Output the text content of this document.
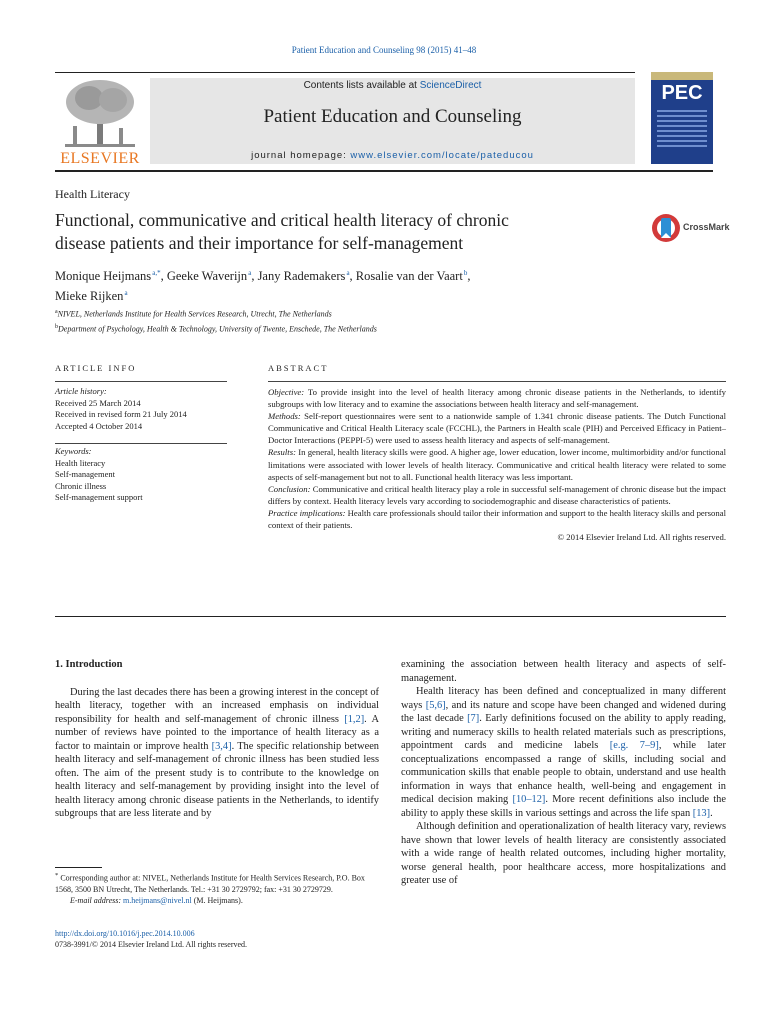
Patient Education and Counseling 98 (2015) 41–48
ELSEVIER
Contents lists available at ScienceDirect
Patient Education and Counseling
journal homepage: www.elsevier.com/locate/pateducou
PEC
Health Literacy
Functional, communicative and critical health literacy of chronic
disease patients and their importance for self-management
CrossMark
Monique Heijmans $^{a,*}$, Geeke Waverijn $^a$, Jany Rademakers $^a$, Rosalie van der Vaart $^b$,
Mieke Rijken $^a$
$^a$NIVEL, Netherlands Institute for Health Services Research, Utrecht, The Netherlands
$^b$Department of Psychology, Health & Technology, University of Twente, Enschede, The Netherlands
ARTICLE INFO	ABSTRACT
Article history:
Received 25 March 2014
Received in revised form 21 July 2014
Accepted 4 October 2014
Keywords:
Health literacy
Self-management
Chronic illness
Self-management support

Objective: To provide insight into the level of health literacy among chronic disease patients in the Netherlands, to identify subgroups with low literacy and to examine the associations between health literacy and self-management.

Methods: Self-report questionnaires were sent to a nationwide sample of 1.341 chronic disease patients. The Dutch Functional Communicative and Critical Health Literacy scale (FCCHL), the Partners in Health scale (PIH) and Perceived Efficacy in Patient–Doctor Interactions (PEPPI-5) were used to assess health literacy and aspects of self-management.

Results: In general, health literacy skills were good. A higher age, lower education, lower income, multimorbidity and/or functional limitations were associated with lower levels of health literacy. Communicative and critical health literacy were related to some aspects of self-management but not to all. Functional health literacy was less important.

Conclusion: Communicative and critical health literacy play a role in successful self-management of chronic disease but the impact differs by context. Health literacy levels vary according to sociodemographic and disease characteristics of patients.

Practice implications: Health care professionals should tailor their information and support to the health literacy skills and personal context of their patients.

© 2014 Elsevier Ireland Ltd. All rights reserved.

1. Introduction

During the last decades there has been a growing interest in the concept of health literacy, together with an increased emphasis on individual responsibility for health and self-management of chronic illness [1,2]. A number of reviews have pointed to the importance of health literacy as a factor to maintain or improve health [3,4]. The specific relationship between health literacy and self-management of chronic illness has been studied less often. The aim of the present study is to contribute to the knowledge on health literacy and self-management by providing insight into the level of health literacy among chronic disease patients in the Netherlands, to identify subgroups that are less literate and by

* Corresponding author at: NIVEL, Netherlands Institute for Health Services Research, P.O. Box 1568, 3500 BN Utrecht, The Netherlands. Tel.: +31 30 2729792; fax: +31 30 2729729.

E-mail address: m.heijmans@nivel.nl (M. Heijmans).

http://dx.doi.org/10.1016/j.pec.2014.10.006
0738-3991/© 2014 Elsevier Ireland Ltd. All rights reserved.

examining the association between health literacy and aspects of self-management.

Health literacy has been defined and conceptualized in many different ways [5,6], and its nature and scope have been changed and widened during the last decade [7]. Early definitions focused on the ability to apply reading, writing and numeracy skills to health related materials such as prescriptions, appointment cards and medicine labels [e.g. 7–9], while later conceptualizations encompassed a range of skills, including social and communication skills that enable people to obtain, understand and use health information in ways that enhance health, well-being and engagement in medical decision making [10–12]. More recent definitions also include the ability to apply these skills in various settings and across the life span [13].

Although definition and operationalization of health literacy vary, reviews have shown that lower levels of health literacy are consistently associated with a wide range of health related outcomes, including higher mortality, worse general health, poor healthcare access, more hospitalizations and greater use of
